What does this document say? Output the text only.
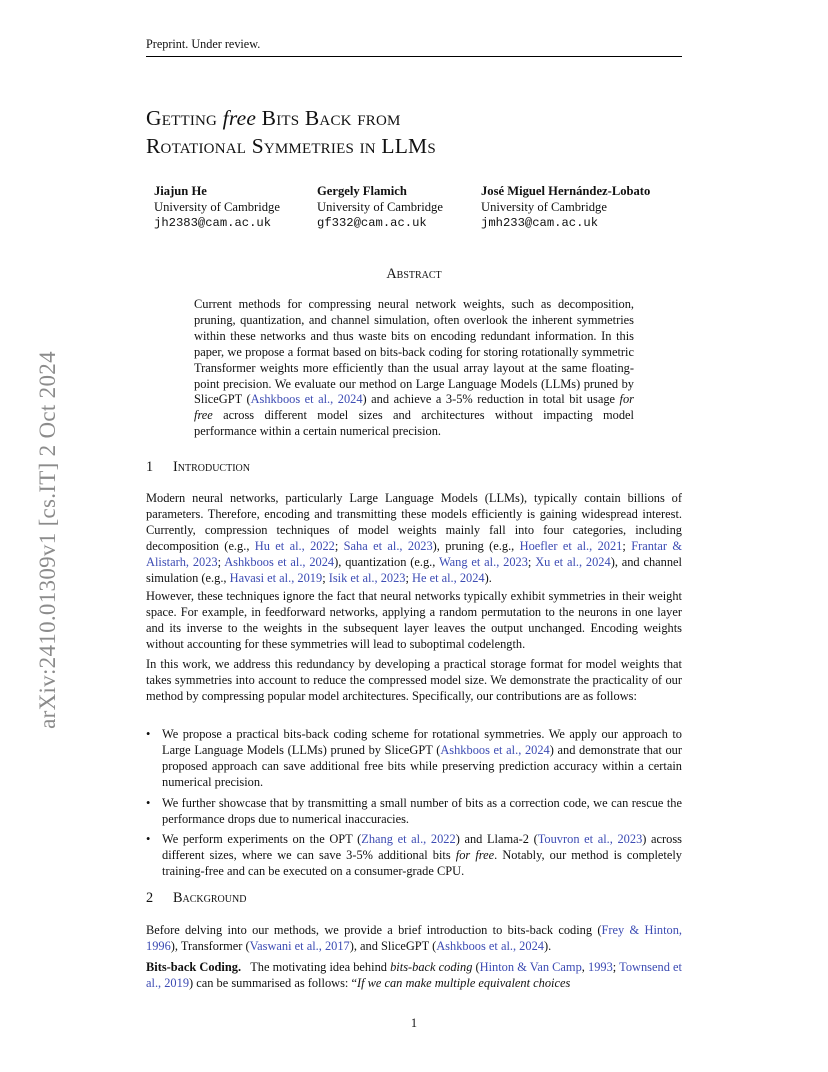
Preprint. Under review.
Getting free Bits Back from
Rotational Symmetries in LLMs
Jiajun He
University of Cambridge
jh2383@cam.ac.uk
Gergely Flamich
University of Cambridge
gf332@cam.ac.uk
José Miguel Hernández-Lobato
University of Cambridge
jmh233@cam.ac.uk
arXiv:2410.01309v1 [cs.IT] 2 Oct 2024
Abstract

Current methods for compressing neural network weights, such as decomposition, pruning, quantization, and channel simulation, often overlook the inherent symmetries within these networks and thus waste bits on encoding redundant information. In this paper, we propose a format based on bits-back coding for storing rotationally symmetric Transformer weights more efficiently than the usual array layout at the same floating-point precision. We evaluate our method on Large Language Models (LLMs) pruned by SliceGPT (Ashkboos et al., 2024) and achieve a 3-5% reduction in total bit usage for free across different model sizes and architectures without impacting model performance within a certain numerical precision.

1 Introduction

Modern neural networks, particularly Large Language Models (LLMs), typically contain billions of parameters. Therefore, encoding and transmitting these models efficiently is gaining widespread interest. Currently, compression techniques of model weights mainly fall into four categories, including decomposition (e.g., Hu et al., 2022; Saha et al., 2023), pruning (e.g., Hoefler et al., 2021; Frantar & Alistarh, 2023; Ashkboos et al., 2024), quantization (e.g., Wang et al., 2023; Xu et al., 2024), and channel simulation (e.g., Havasi et al., 2019; Isik et al., 2023; He et al., 2024).

However, these techniques ignore the fact that neural networks typically exhibit symmetries in their weight space. For example, in feedforward networks, applying a random permutation to the neurons in one layer and its inverse to the weights in the subsequent layer leaves the output unchanged. Encoding weights without accounting for these symmetries will lead to suboptimal codelength.

In this work, we address this redundancy by developing a practical storage format for model weights that takes symmetries into account to reduce the compressed model size. We demonstrate the practicality of our method by compressing popular model architectures. Specifically, our contributions are as follows:

• We propose a practical bits-back coding scheme for rotational symmetries. We apply our approach to Large Language Models (LLMs) pruned by SliceGPT (Ashkboos et al., 2024) and demonstrate that our proposed approach can save additional free bits while preserving prediction accuracy within a certain numerical precision.
• We further showcase that by transmitting a small number of bits as a correction code, we can rescue the performance drops due to numerical inaccuracies.
• We perform experiments on the OPT (Zhang et al., 2022) and Llama-2 (Touvron et al., 2023) across different sizes, where we can save 3-5% additional bits for free. Notably, our method is completely training-free and can be executed on a consumer-grade CPU.
2 Background

Before delving into our methods, we provide a brief introduction to bits-back coding (Frey & Hinton, 1996), Transformer (Vaswani et al., 2017), and SliceGPT (Ashkboos et al., 2024).

Bits-back Coding.   The motivating idea behind bits-back coding (Hinton & Van Camp, 1993; Townsend et al., 2019) can be summarised as follows: “If we can make multiple equivalent choices

1
